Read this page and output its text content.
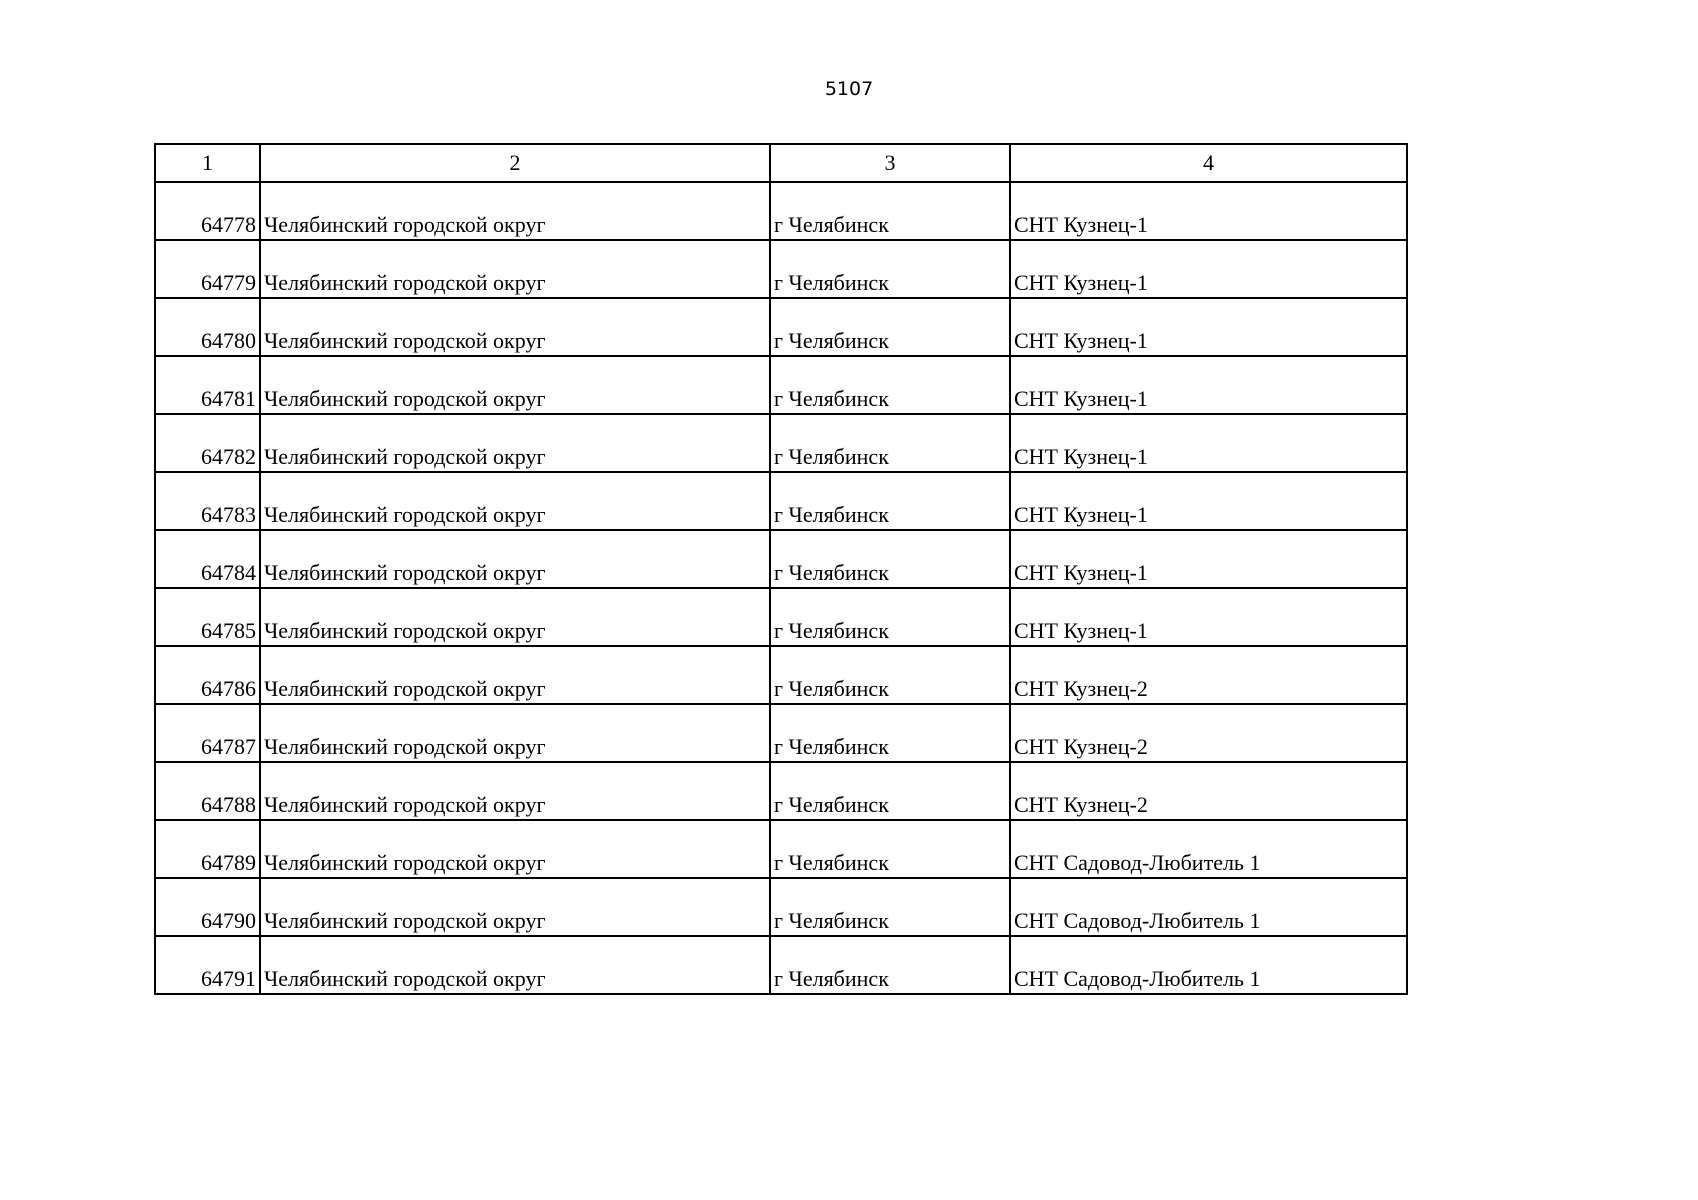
5107
1	2	3	4
64778	Челябинский городской округ	г Челябинск	СНТ Кузнец-1
64779	Челябинский городской округ	г Челябинск	СНТ Кузнец-1
64780	Челябинский городской округ	г Челябинск	СНТ Кузнец-1
64781	Челябинский городской округ	г Челябинск	СНТ Кузнец-1
64782	Челябинский городской округ	г Челябинск	СНТ Кузнец-1
64783	Челябинский городской округ	г Челябинск	СНТ Кузнец-1
64784	Челябинский городской округ	г Челябинск	СНТ Кузнец-1
64785	Челябинский городской округ	г Челябинск	СНТ Кузнец-1
64786	Челябинский городской округ	г Челябинск	СНТ Кузнец-2
64787	Челябинский городской округ	г Челябинск	СНТ Кузнец-2
64788	Челябинский городской округ	г Челябинск	СНТ Кузнец-2
64789	Челябинский городской округ	г Челябинск	СНТ Садовод-Любитель 1
64790	Челябинский городской округ	г Челябинск	СНТ Садовод-Любитель 1
64791	Челябинский городской округ	г Челябинск	СНТ Садовод-Любитель 1
